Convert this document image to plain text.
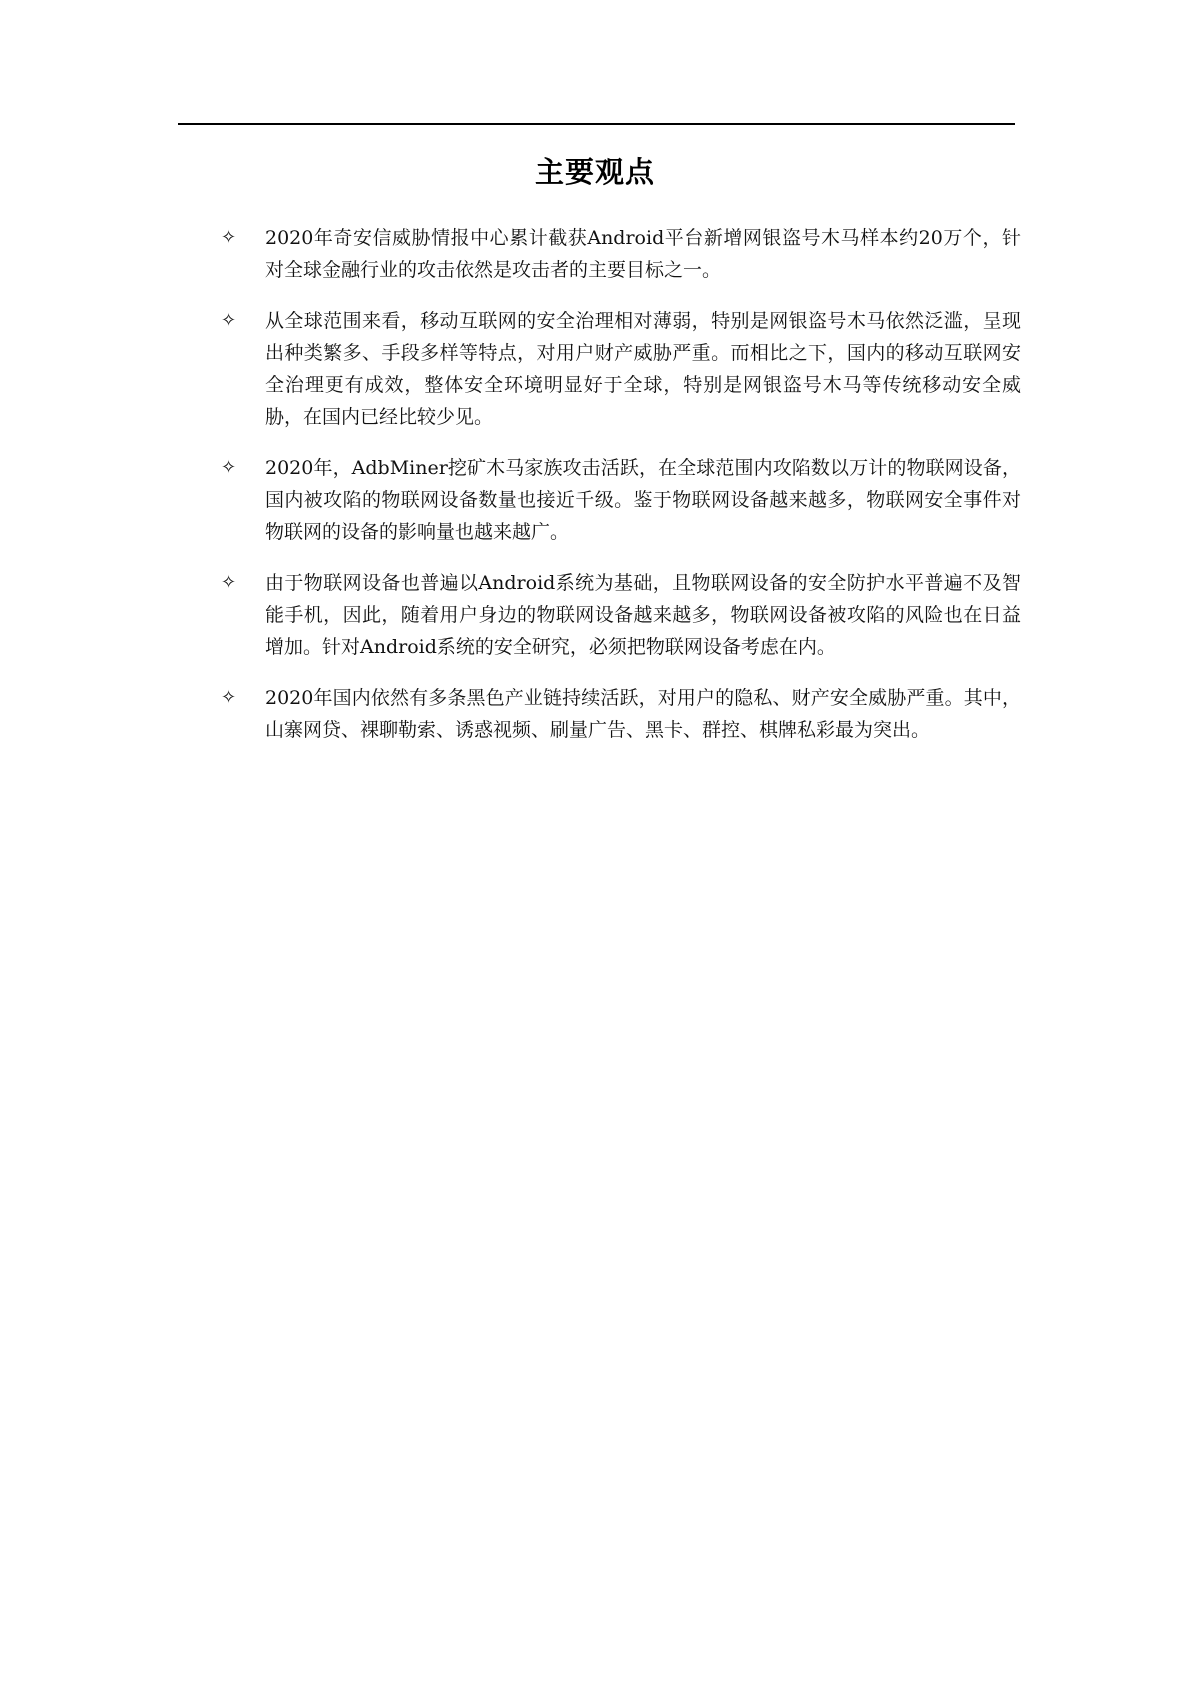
主要观点
✧	2020年奇安信威胁情报中心累计截获Android平台新增网银盗号木马样本约20万个，针对全球金融行业的攻击依然是攻击者的主要目标之一。
✧	从全球范围来看，移动互联网的安全治理相对薄弱，特别是网银盗号木马依然泛滥，呈现出种类繁多、手段多样等特点，对用户财产威胁严重。而相比之下，国内的移动互联网安全治理更有成效，整体安全环境明显好于全球，特别是网银盗号木马等传统移动安全威胁，在国内已经比较少见。
✧	2020年，AdbMiner挖矿木马家族攻击活跃，在全球范围内攻陷数以万计的物联网设备，国内被攻陷的物联网设备数量也接近千级。鉴于物联网设备越来越多，物联网安全事件对物联网的设备的影响量也越来越广。
✧	由于物联网设备也普遍以Android系统为基础，且物联网设备的安全防护水平普遍不及智能手机，因此，随着用户身边的物联网设备越来越多，物联网设备被攻陷的风险也在日益增加。针对Android系统的安全研究，必须把物联网设备考虑在内。
✧	2020年国内依然有多条黑色产业链持续活跃，对用户的隐私、财产安全威胁严重。其中，山寨网贷、裸聊勒索、诱惑视频、刷量广告、黑卡、群控、棋牌私彩最为突出。
